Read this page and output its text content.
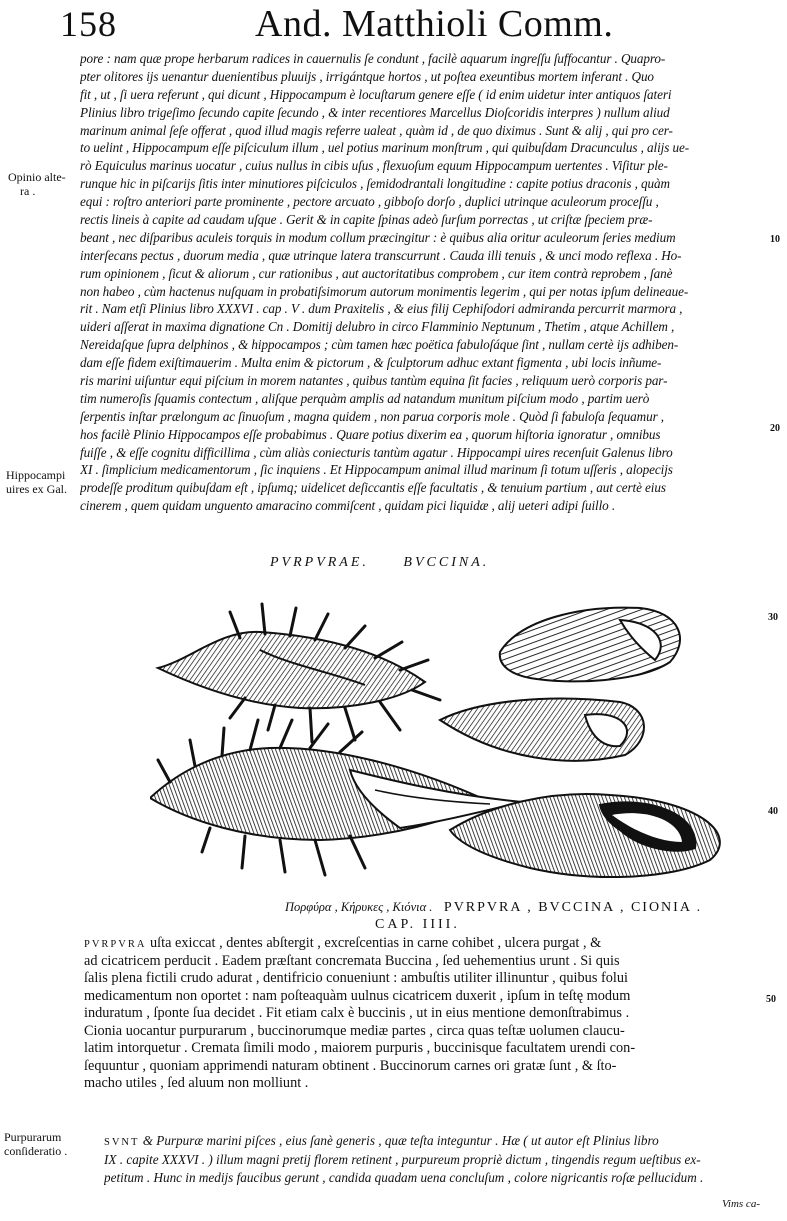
158	And. Matthioli Comm.
pore : nam quæ prope herbarum radices in cauernulis ſe condunt , facilè aquarum ingreſſu ſuffocantur . Quapro-
pter olitores ijs uenantur duenientibus pluuijs , irrigántque hortos , ut poſtea exeuntibus mortem inferant . Quo
fit , ut , ſi uera referunt , qui dicunt , Hippocampum è locuſtarum genere eſſe ( id enim uidetur inter antiquos ſateri
Plinius libro trigeſimo ſecundo capite ſecundo , & inter recentiores Marcellus Dioſcoridis interpres ) nullum aliud
marinum animal ſeſe offerat , quod illud magis referre ualeat , quàm id , de quo diximus . Sunt & alij , qui pro cer-
to uelint , Hippocampum eſſe piſciculum illum , uel potius marinum monſtrum , qui quibuſdam Dracunculus , alijs ue-
rò Equiculus marinus uocatur , cuius nullus in cibis uſus , flexuoſum equum Hippocampum uertentes . Viſitur ple-
runque hic in piſcarijs ſitis inter minutiores piſciculos , ſemidodrantali longitudine : capite potius draconis , quàm
equi : roſtro anteriori parte prominente , pectore arcuato , gibboſo dorſo , duplici utrinque aculeorum proceſſu ,
rectis lineis à capite ad caudam uſque . Gerit & in capite ſpinas adeò ſurſum porrectas , ut criſtæ ſpeciem præ-
beant , nec diſparibus aculeis torquis in modum collum præcingitur : è quibus alia oritur aculeorum ſeries medium
interſecans pectus , duorum media , quæ utrinque latera transcurrunt . Cauda illi tenuis , & unci modo reflexa . Ho-
rum opinionem , ſicut & aliorum , cur rationibus , aut auctoritatibus comprobem , cur item contrà reprobem , ſanè
non habeo , cùm hactenus nuſquam in probatiſsimorum autorum monimentis legerim , qui per notas ipſum delineaue-
rit . Nam etſi Plinius libro XXXVI . cap . V . dum Praxitelis , & eius filij Cephiſodori admiranda percurrit marmora ,
uideri aſſerat in maxima dignatione Cn . Domitij delubro in circo Flamminio Neptunum , Thetim , atque Achillem ,
Nereidaſque ſupra delphinos , & hippocampos ; cùm tamen hæc poëtica fabuloſáque ſint , nullam certè ijs adhiben-
dam eſſe fidem exiſtimauerim . Multa enim & pictorum , & ſculptorum adhuc extant figmenta , ubi locis inñume-
ris marini uiſuntur equi piſcium in morem natantes , quibus tantùm equina ſit facies , reliquum uerò corporis par-
tim numeroſis ſquamis contectum , aliſque perquàm amplis ad natandum munitum piſcium modo , partim uerò
ſerpentis inſtar prælongum ac ſinuoſum , magna quidem , non parua corporis mole . Quòd ſi fabuloſa ſequamur ,
hos facilè Plinio Hippocampos eſſe probabimus . Quare potius dixerim ea , quorum hiſtoria ignoratur , omnibus
fuiſſe , & eſſe cognitu difficillima , cùm aliàs coniecturis tantùm agatur . Hippocampi uires recenſuit Galenus libro
XI . ſimplicium medicamentorum , ſic inquiens . Et Hippocampum animal illud marinum ſi totum uſſeris , alopecijs
prodeſſe proditum quibuſdam eſt , ipſumq; uidelicet deſiccantis eſſe facultatis , & tenuium partium , aut certè eius
cinerem , quem quidam unguento amaracino commiſcent , quidam pici liquidæ , alij ueteri adipi ſuillo .
Opinio alte-
ra .
Hippocampi
uires ex Gal.
Purpurarum
conſideratio .
10
20
30
40
50
PVRPVRAE. BVCCINA.
Πορφύρα , Κήρυκες , Κιόνια . PVRPVRA , BVCCINA , CIONIA .
CAP. IIII.
PVRPVRA uſta exiccat , dentes abſtergit , excreſcentias in carne cohibet , ulcera purgat , &
ad cicatricem perducit . Eadem præſtant concremata Buccina , ſed uehementius urunt . Si quis
ſalis plena fictili crudo adurat , dentifricio conueniunt : ambuſtis utiliter illinuntur , quibus folui
medicamentum non oportet : nam poſteaquàm uulnus cicatricem duxerit , ipſum in teſtę modum
induratum , ſponte ſua decidet . Fit etiam calx è buccinis , ut in eius mentione demonſtrabimus .
Cionia uocantur purpurarum , buccinorumque mediæ partes , circa quas teſtæ uolumen claucu-
latim intorquetur . Cremata ſimili modo , maiorem purpuris , buccinisque facultatem urendi con-
ſequuntur , quoniam apprimendi naturam obtinent . Buccinorum carnes ori gratæ ſunt , & ſto-
macho utiles , ſed aluum non molliunt .
SVNT & Purpuræ marini piſces , eius ſanè generis , quæ teſta integuntur . Hæ ( ut autor eſt Plinius libro
IX . capite XXXVI . ) illum magni pretij florem retinent , purpureum propriè dictum , tingendis regum ueſtibus ex-
petitum . Hunc in medijs faucibus gerunt , candida quadam uena concluſum , colore nigricantis roſæ pellucidum .
Vims ca-
